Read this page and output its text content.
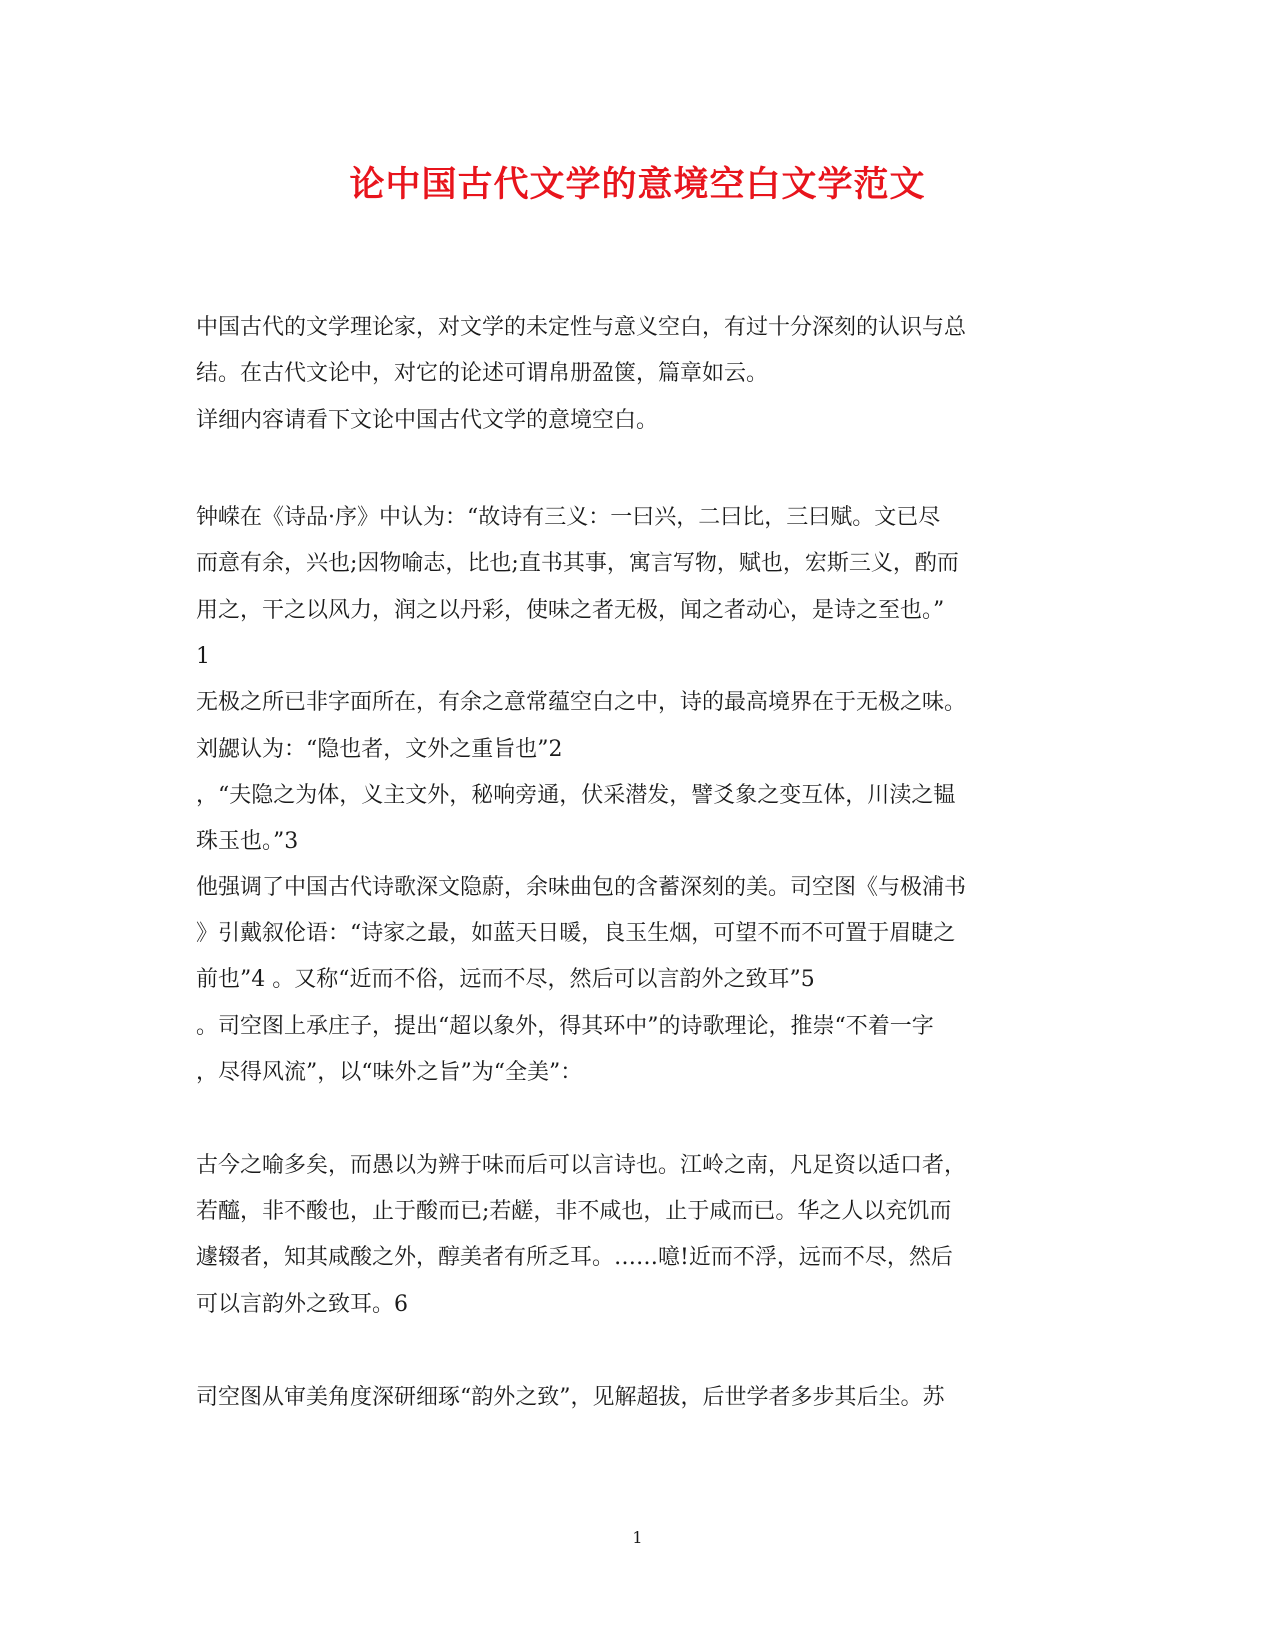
论中国古代文学的意境空白文学范文
中国古代的文学理论家，对文学的未定性与意义空白，有过十分深刻的认识与总
结。在古代文论中，对它的论述可谓帛册盈箧，篇章如云。
详细内容请看下文论中国古代文学的意境空白。
钟嵘在《诗品·序》中认为：“故诗有三义：一曰兴，二曰比，三曰赋。文已尽
而意有余，兴也;因物喻志，比也;直书其事，寓言写物，赋也，宏斯三义，酌而
用之，干之以风力，润之以丹彩，使味之者无极，闻之者动心，是诗之至也。”
1
无极之所已非字面所在，有余之意常蕴空白之中，诗的最高境界在于无极之味。
刘勰认为：“隐也者，文外之重旨也”2
，“夫隐之为体，义主文外，秘响旁通，伏采潜发，譬爻象之变互体，川渎之韫
珠玉也。”3
他强调了中国古代诗歌深文隐蔚，余味曲包的含蓄深刻的美。司空图《与极浦书
》引戴叙伦语：“诗家之最，如蓝天日暖，良玉生烟，可望不而不可置于眉睫之
前也”4 。又称“近而不俗，远而不尽，然后可以言韵外之致耳”5
。司空图上承庄子，提出“超以象外，得其环中”的诗歌理论，推崇“不着一字
，尽得风流”，以“味外之旨”为“全美”：
古今之喻多矣，而愚以为辨于味而后可以言诗也。江岭之南，凡足资以适口者，
若醯，非不酸也，止于酸而已;若鹾，非不咸也，止于咸而已。华之人以充饥而
遽辍者，知其咸酸之外，醇美者有所乏耳。……噫!近而不浮，远而不尽，然后
可以言韵外之致耳。6
司空图从审美角度深研细琢“韵外之致”，见解超拔，后世学者多步其后尘。苏
1
